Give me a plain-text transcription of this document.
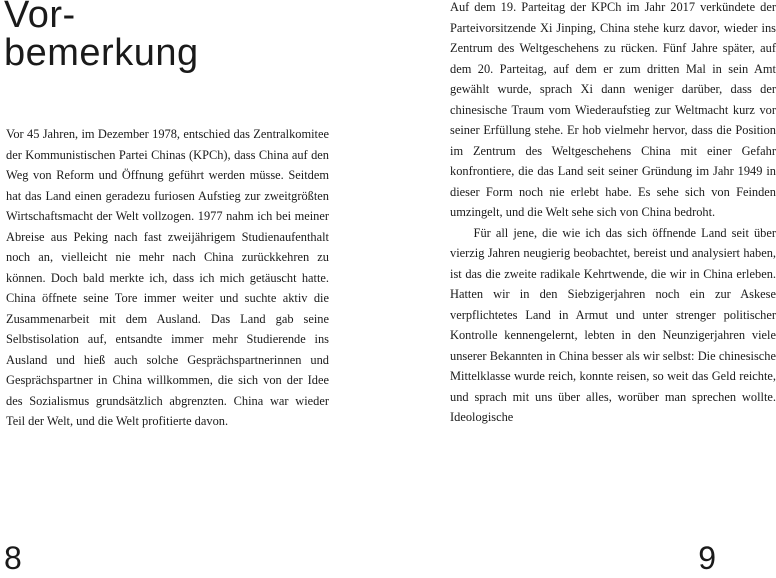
Vor-
bemerkung

Vor 45 Jahren, im Dezember 1978, entschied das Zentralkomitee der Kommunistischen Partei Chinas (KPCh), dass China auf den Weg von Reform und Öffnung geführt werden müsse. Seitdem hat das Land einen geradezu furiosen Aufstieg zur zweitgrößten Wirtschaftsmacht der Welt vollzogen. 1977 nahm ich bei meiner Abreise aus Peking nach fast zweijährigem Studienaufenthalt noch an, vielleicht nie mehr nach China zurückkehren zu können. Doch bald merkte ich, dass ich mich getäuscht hatte. China öffnete seine Tore immer weiter und suchte aktiv die Zusammenarbeit mit dem Ausland. Das Land gab seine Selbstisolation auf, entsandte immer mehr Studierende ins Ausland und hieß auch solche Gesprächspartnerinnen und Gesprächspartner in China willkommen, die sich von der Idee des Sozialismus grundsätzlich abgrenzten. China war wieder Teil der Welt, und die Welt profitierte davon.

8

Auf dem 19. Parteitag der KPCh im Jahr 2017 verkündete der Parteivorsitzende Xi Jinping, China stehe kurz davor, wieder ins Zentrum des Weltgeschehens zu rücken. Fünf Jahre später, auf dem 20. Parteitag, auf dem er zum dritten Mal in sein Amt gewählt wurde, sprach Xi dann weniger darüber, dass der chinesische Traum vom Wiederaufstieg zur Weltmacht kurz vor seiner Erfüllung stehe. Er hob vielmehr hervor, dass die Position im Zentrum des Weltgeschehens China mit einer Gefahr konfrontiere, die das Land seit seiner Gründung im Jahr 1949 in dieser Form noch nie erlebt habe. Es sehe sich von Feinden umzingelt, und die Welt sehe sich von China bedroht.

Für all jene, die wie ich das sich öffnende Land seit über vierzig Jahren neugierig beobachtet, bereist und analysiert haben, ist das die zweite radikale Kehrtwende, die wir in China erleben. Hatten wir in den Siebzigerjahren noch ein zur Askese verpflichtetes Land in Armut und unter strenger politischer Kontrolle kennengelernt, lebten in den Neunzigerjahren viele unserer Bekannten in China besser als wir selbst: Die chinesische Mittelklasse wurde reich, konnte reisen, so weit das Geld reichte, und sprach mit uns über alles, worüber man sprechen wollte. Ideologische

9
